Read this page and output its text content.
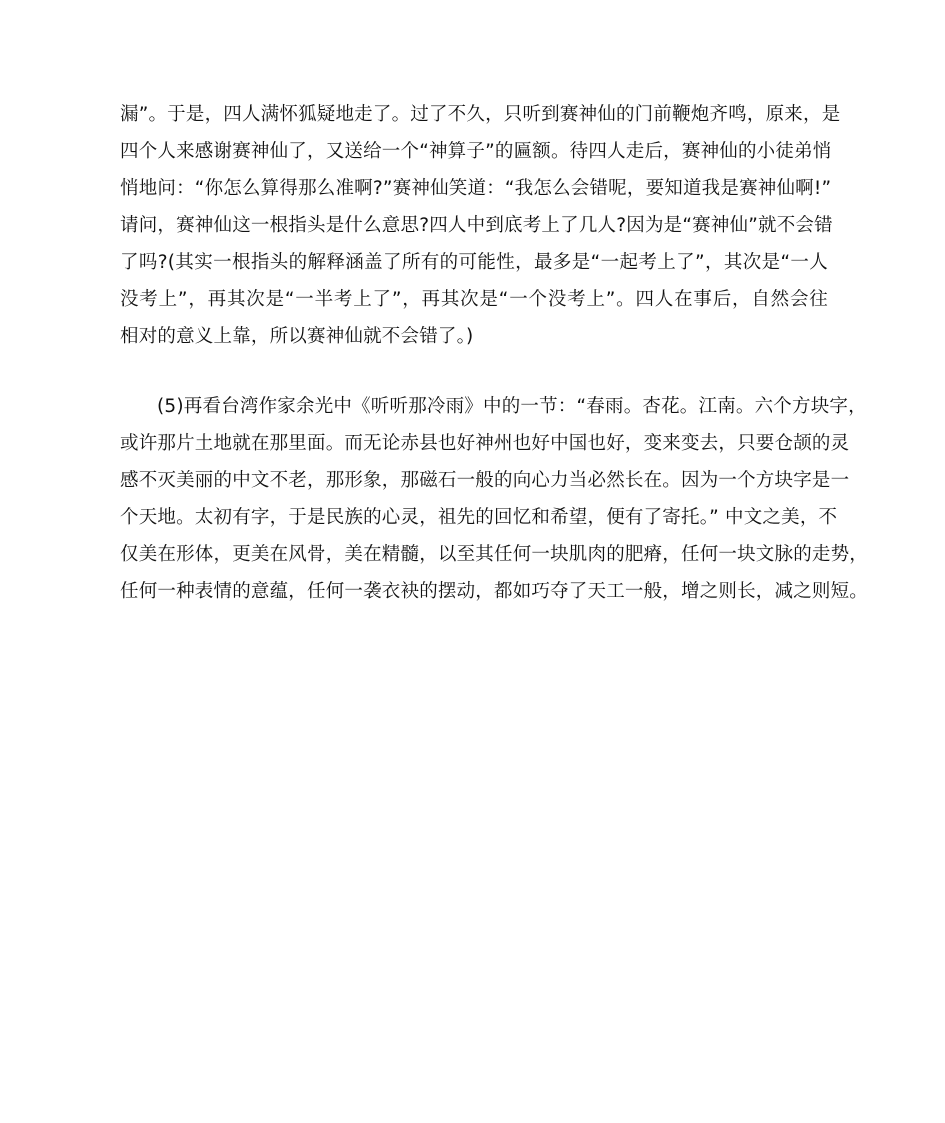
漏”。于是，四人满怀狐疑地走了。过了不久，只听到赛神仙的门前鞭炮齐鸣，原来，是
四个人来感谢赛神仙了，又送给一个“神算子”的匾额。待四人走后，赛神仙的小徒弟悄
悄地问：“你怎么算得那么准啊?”赛神仙笑道：“我怎么会错呢，要知道我是赛神仙啊!”
请问，赛神仙这一根指头是什么意思?四人中到底考上了几人?因为是“赛神仙”就不会错
了吗?(其实一根指头的解释涵盖了所有的可能性，最多是“一起考上了”，其次是“一人
没考上”，再其次是“一半考上了”，再其次是“一个没考上”。四人在事后，自然会往
相对的意义上靠，所以赛神仙就不会错了。)
(5)再看台湾作家余光中《听听那冷雨》中的一节：“春雨。杏花。江南。六个方块字，
或许那片土地就在那里面。而无论赤县也好神州也好中国也好，变来变去，只要仓颉的灵
感不灭美丽的中文不老，那形象，那磁石一般的向心力当必然长在。因为一个方块字是一
个天地。太初有字，于是民族的心灵，祖先的回忆和希望，便有了寄托。” 中文之美，不
仅美在形体，更美在风骨，美在精髓，以至其任何一块肌肉的肥瘠，任何一块文脉的走势，
任何一种表情的意蕴，任何一袭衣袂的摆动，都如巧夺了天工一般，增之则长，减之则短。
